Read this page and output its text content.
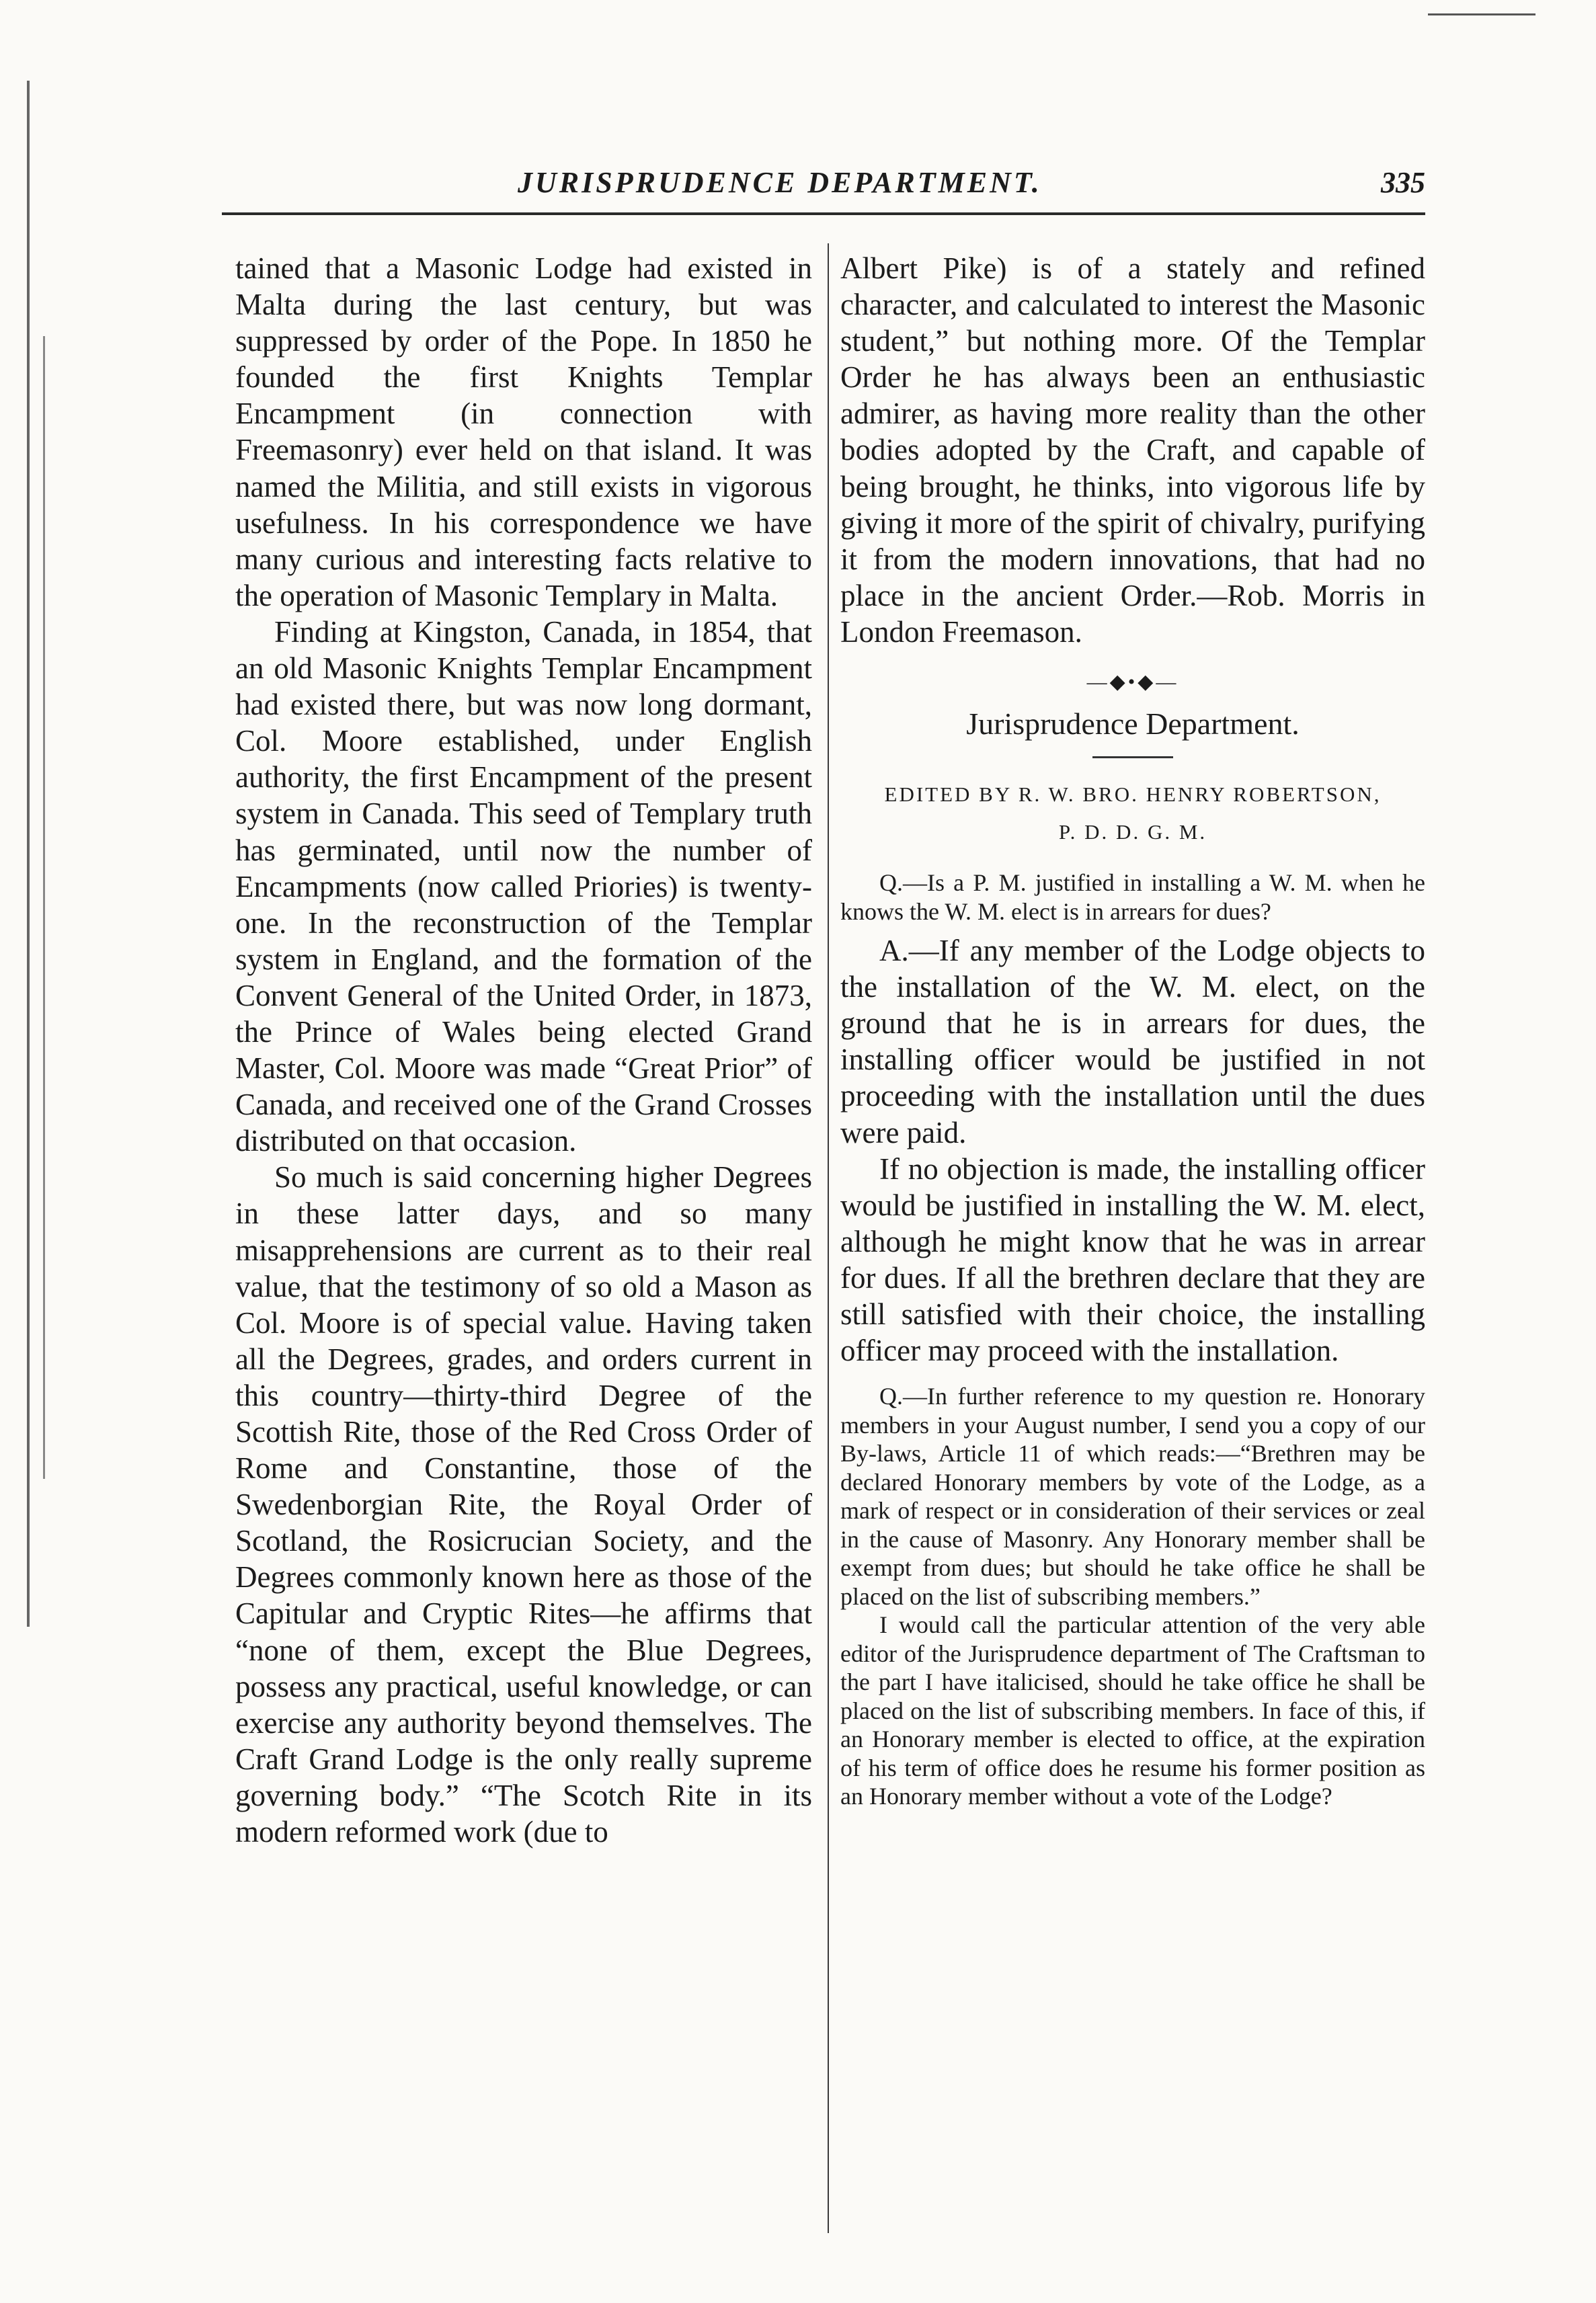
JURISPRUDENCE DEPARTMENT.	335

tained that a Masonic Lodge had existed in Malta during the last century, but was suppressed by order of the Pope. In 1850 he founded the first Knights Templar Encampment (in connection with Freemasonry) ever held on that island. It was named the Militia, and still exists in vigorous usefulness. In his correspondence we have many curious and interesting facts relative to the operation of Masonic Templary in Malta.

Finding at Kingston, Canada, in 1854, that an old Masonic Knights Templar Encampment had existed there, but was now long dormant, Col. Moore established, under English authority, the first Encampment of the present system in Canada. This seed of Templary truth has germinated, until now the number of Encampments (now called Priories) is twenty-one. In the reconstruction of the Templar system in England, and the formation of the Convent General of the United Order, in 1873, the Prince of Wales being elected Grand Master, Col. Moore was made “Great Prior” of Canada, and received one of the Grand Crosses distributed on that occasion.

So much is said concerning higher Degrees in these latter days, and so many misapprehensions are current as to their real value, that the testimony of so old a Mason as Col. Moore is of special value. Having taken all the Degrees, grades, and orders current in this country—thirty-third Degree of the Scottish Rite, those of the Red Cross Order of Rome and Constantine, those of the Swedenborgian Rite, the Royal Order of Scotland, the Rosicrucian Society, and the Degrees commonly known here as those of the Capitular and Cryptic Rites—he affirms that “none of them, except the Blue Degrees, possess any practical, useful knowledge, or can exercise any authority beyond themselves. The Craft Grand Lodge is the only really supreme governing body.” “The Scotch Rite in its modern reformed work (due to

Albert Pike) is of a stately and refined character, and calculated to interest the Masonic student,” but nothing more. Of the Templar Order he has always been an enthusiastic admirer, as having more reality than the other bodies adopted by the Craft, and capable of being brought, he thinks, into vigorous life by giving it more of the spirit of chivalry, purifying it from the modern innovations, that had no place in the ancient Order.—Rob. Morris in London Freemason.

—◆•◆—
Jurisprudence Department.
EDITED BY R. W. BRO. HENRY ROBERTSON,
P. D. D. G. M.

Q.—Is a P. M. justified in installing a W. M. when he knows the W. M. elect is in arrears for dues?

A.—If any member of the Lodge objects to the installation of the W. M. elect, on the ground that he is in arrears for dues, the installing officer would be justified in not proceeding with the installation until the dues were paid.

If no objection is made, the installing officer would be justified in installing the W. M. elect, although he might know that he was in arrear for dues. If all the brethren declare that they are still satisfied with their choice, the installing officer may proceed with the installation.

Q.—In further reference to my question re. Honorary members in your August number, I send you a copy of our By-laws, Article 11 of which reads:—“Brethren may be declared Honorary members by vote of the Lodge, as a mark of respect or in consideration of their services or zeal in the cause of Masonry. Any Honorary member shall be exempt from dues; but should he take office he shall be placed on the list of subscribing members.”

I would call the particular attention of the very able editor of the Jurisprudence department of The Craftsman to the part I have italicised, should he take office he shall be placed on the list of subscribing members. In face of this, if an Honorary member is elected to office, at the expiration of his term of office does he resume his former position as an Honorary member without a vote of the Lodge?
